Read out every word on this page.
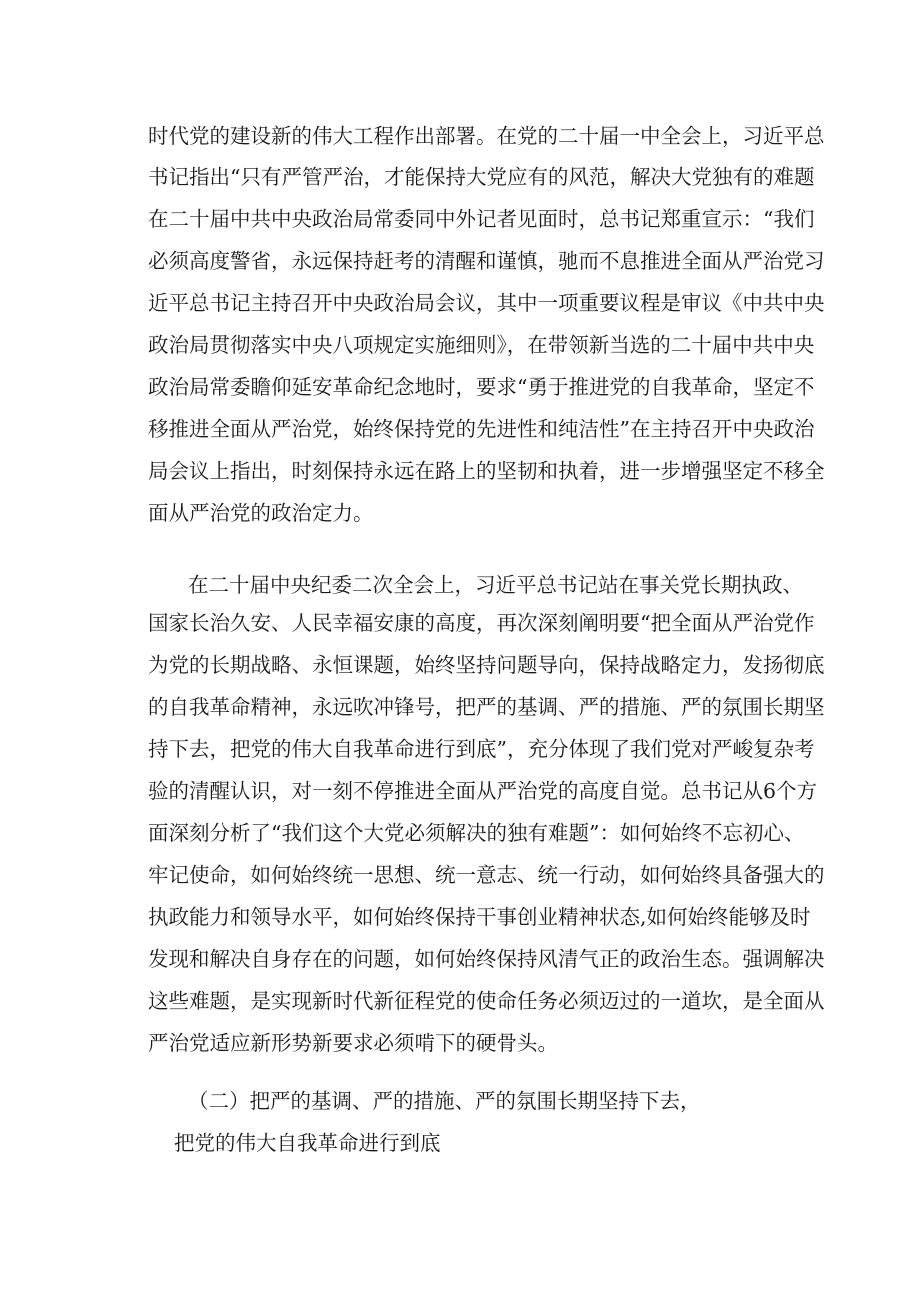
时代党的建设新的伟大工程作出部署。在党的二十届一中全会上，习近平总
书记指出“只有严管严治，才能保持大党应有的风范，解决大党独有的难题
在二十届中共中央政治局常委同中外记者见面时，总书记郑重宣示：“我们
必须高度警省，永远保持赶考的清醒和谨慎，驰而不息推进全面从严治党习
近平总书记主持召开中央政治局会议，其中一项重要议程是审议《中共中央
政治局贯彻落实中央八项规定实施细则》，在带领新当选的二十届中共中央
政治局常委瞻仰延安革命纪念地时，要求“勇于推进党的自我革命，坚定不
移推进全面从严治党，始终保持党的先进性和纯洁性”在主持召开中央政治
局会议上指出，时刻保持永远在路上的坚韧和执着，进一步增强坚定不移全
面从严治党的政治定力。
在二十届中央纪委二次全会上，习近平总书记站在事关党长期执政、
国家长治久安、人民幸福安康的高度，再次深刻阐明要“把全面从严治党作
为党的长期战略、永恒课题，始终坚持问题导向，保持战略定力，发扬彻底
的自我革命精神，永远吹冲锋号，把严的基调、严的措施、严的氛围长期坚
持下去，把党的伟大自我革命进行到底”，充分体现了我们党对严峻复杂考
验的清醒认识，对一刻不停推进全面从严治党的高度自觉。总书记从6个方
面深刻分析了“我们这个大党必须解决的独有难题”：如何始终不忘初心、
牢记使命，如何始终统一思想、统一意志、统一行动，如何始终具备强大的
执政能力和领导水平，如何始终保持干事创业精神状态,如何始终能够及时
发现和解决自身存在的问题，如何始终保持风清气正的政治生态。强调解决
这些难题，是实现新时代新征程党的使命任务必须迈过的一道坎，是全面从
严治党适应新形势新要求必须啃下的硬骨头。
（二）把严的基调、严的措施、严的氛围长期坚持下去，
把党的伟大自我革命进行到底
